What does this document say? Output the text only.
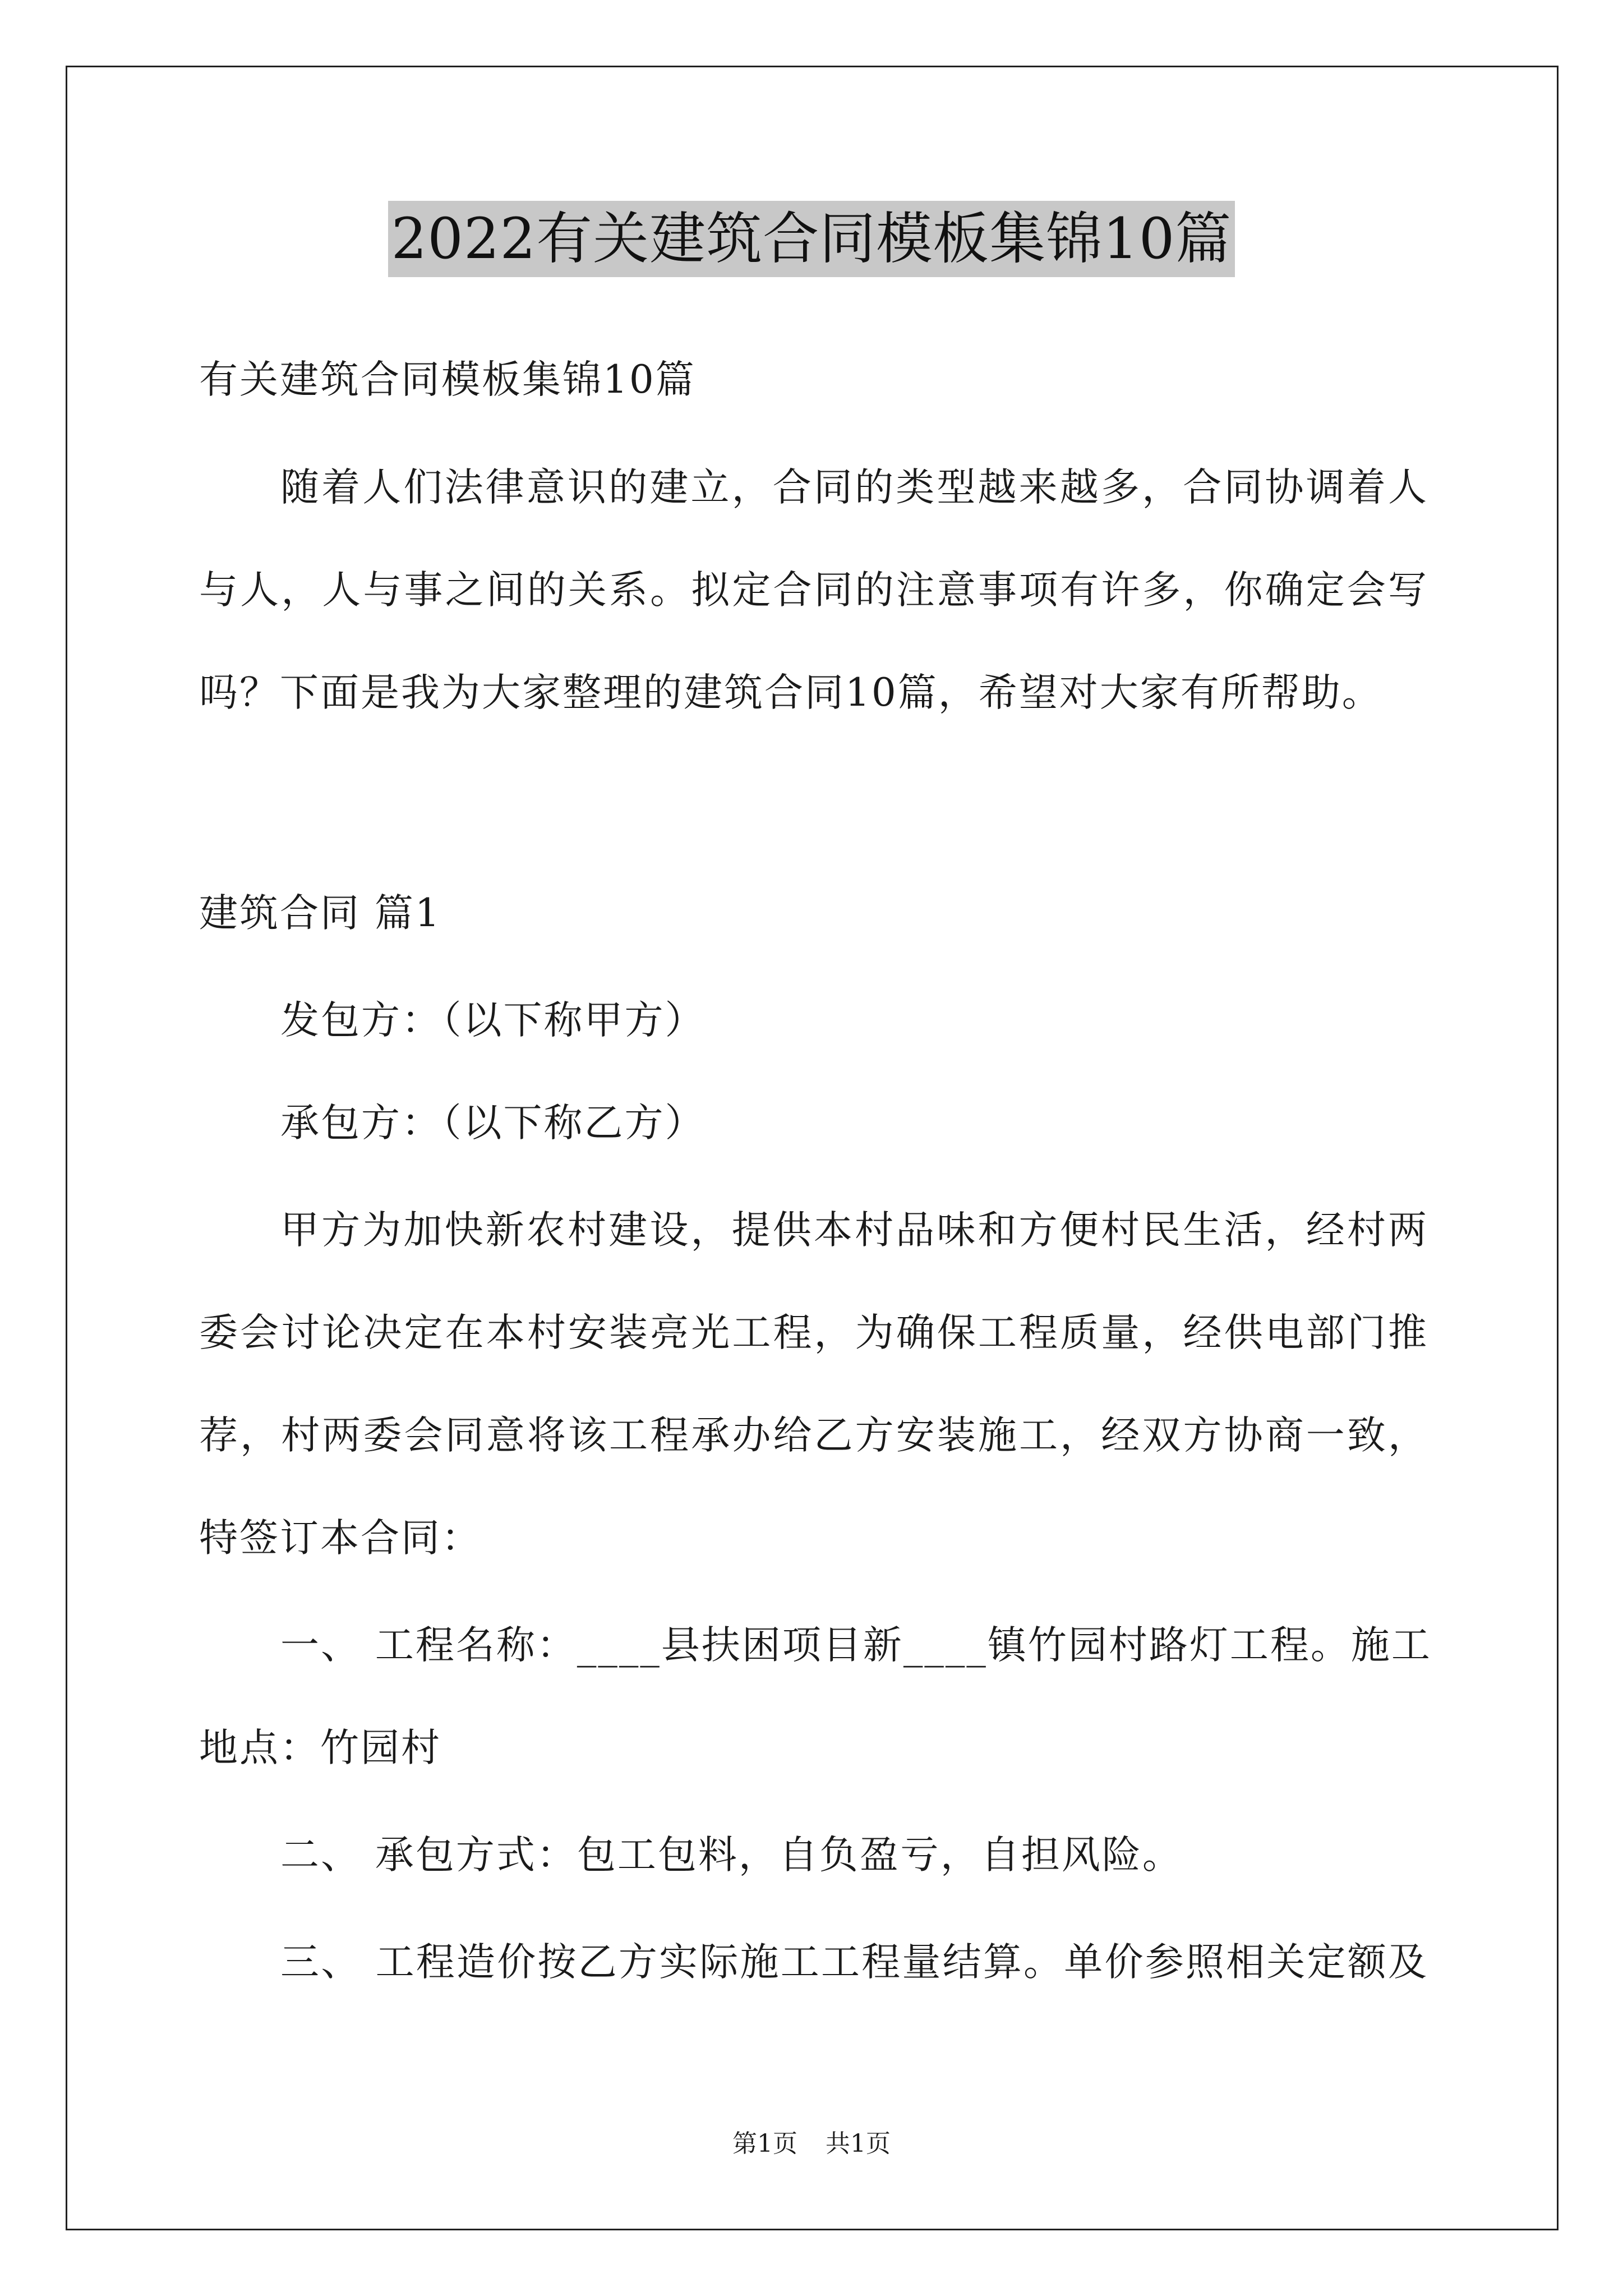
2022有关建筑合同模板集锦10篇
有关建筑合同模板集锦10篇
随着人们法律意识的建立，合同的类型越来越多，合同协调着人
与人，人与事之间的关系。拟定合同的注意事项有许多，你确定会写
吗？下面是我为大家整理的建筑合同10篇，希望对大家有所帮助。
建筑合同 篇1
发包方：（以下称甲方）
承包方：（以下称乙方）
甲方为加快新农村建设，提供本村品味和方便村民生活，经村两
委会讨论决定在本村安装亮光工程，为确保工程质量，经供电部门推
荐，村两委会同意将该工程承办给乙方安装施工，经双方协商一致，
特签订本合同：
一、 工程名称：____县扶困项目新____镇竹园村路灯工程。施工
地点：竹园村
二、 承包方式：包工包料，自负盈亏，自担风险。
三、 工程造价按乙方实际施工工程量结算。单价参照相关定额及
第1页 共1页
